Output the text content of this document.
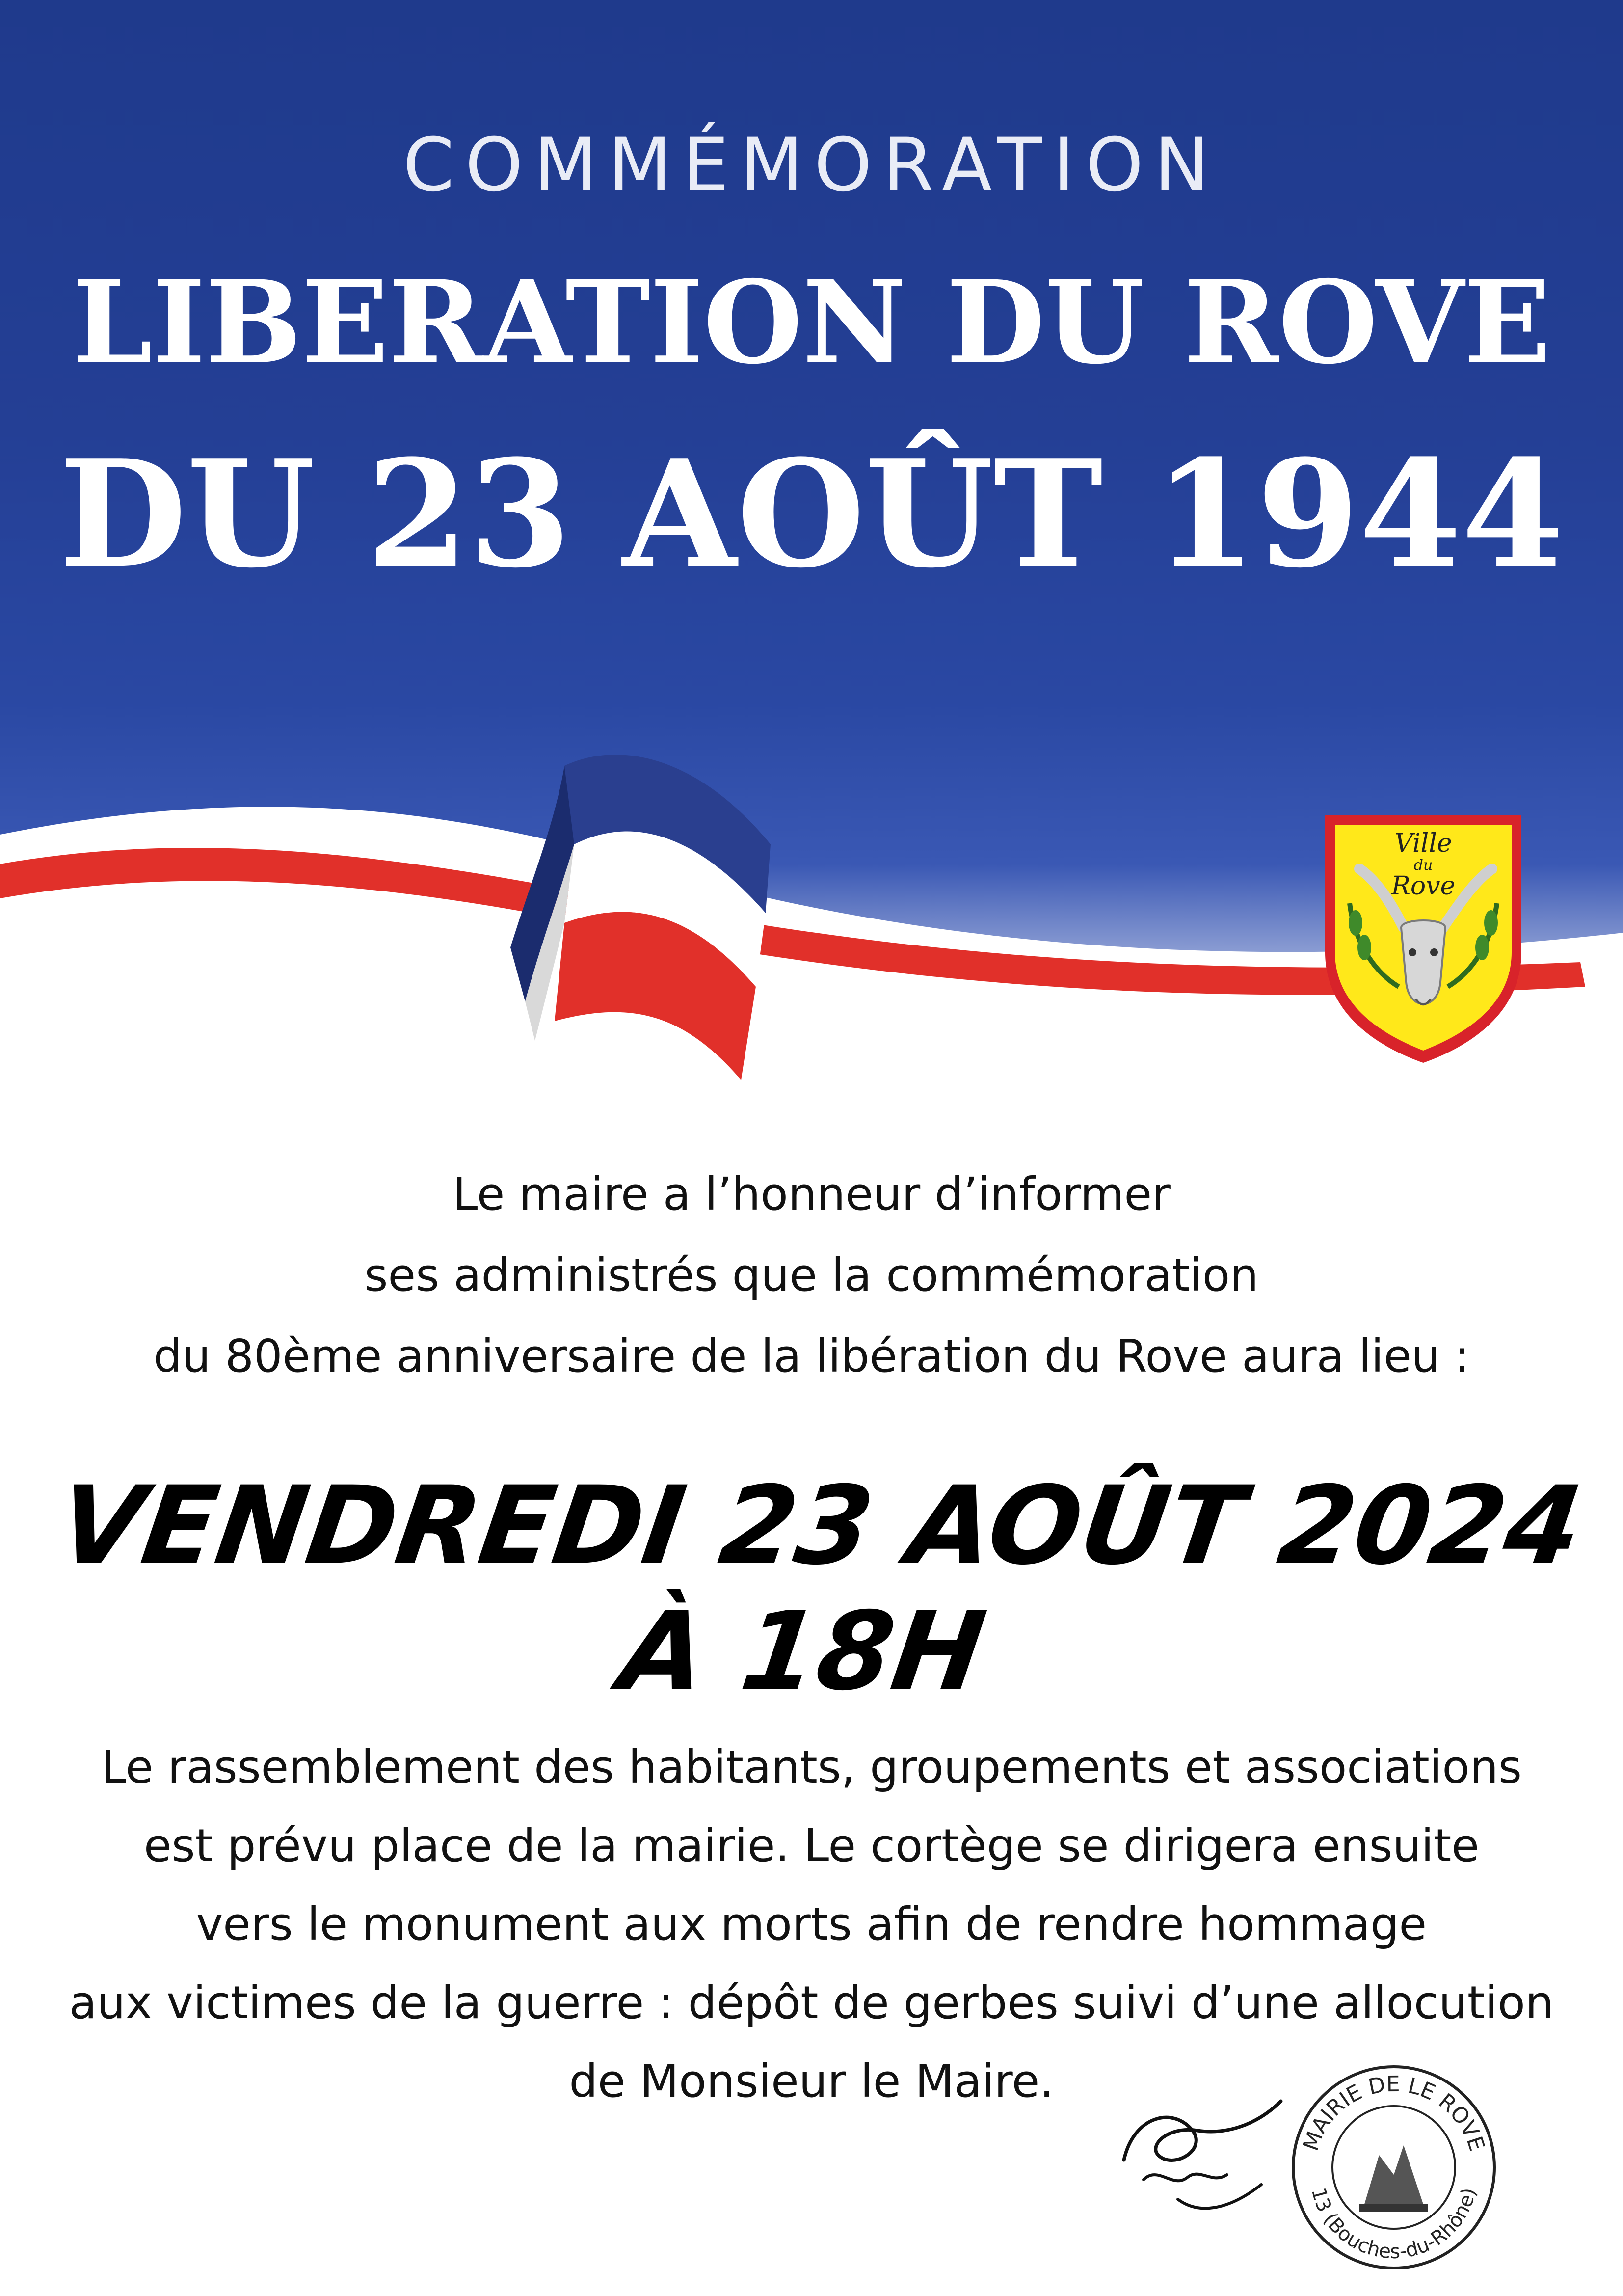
COMMÉMORATION
LIBERATION DU ROVE
DU 23 AOÛT 1944
Ville
du
Rove
Le maire a l’honneur d’informer
ses administrés que la commémoration
du 80ème anniversaire de la libération du Rove aura lieu :
VENDREDI 23 AOÛT 2024 À 18H
Le rassemblement des habitants, groupements et associations
est prévu place de la mairie. Le cortège se dirigera ensuite
vers le monument aux morts afin de rendre hommage
aux victimes de la guerre : dépôt de gerbes suivi d’une allocution
de Monsieur le Maire.
MAIRIE DE LE ROVE
13 (Bouches-du-Rhône)
